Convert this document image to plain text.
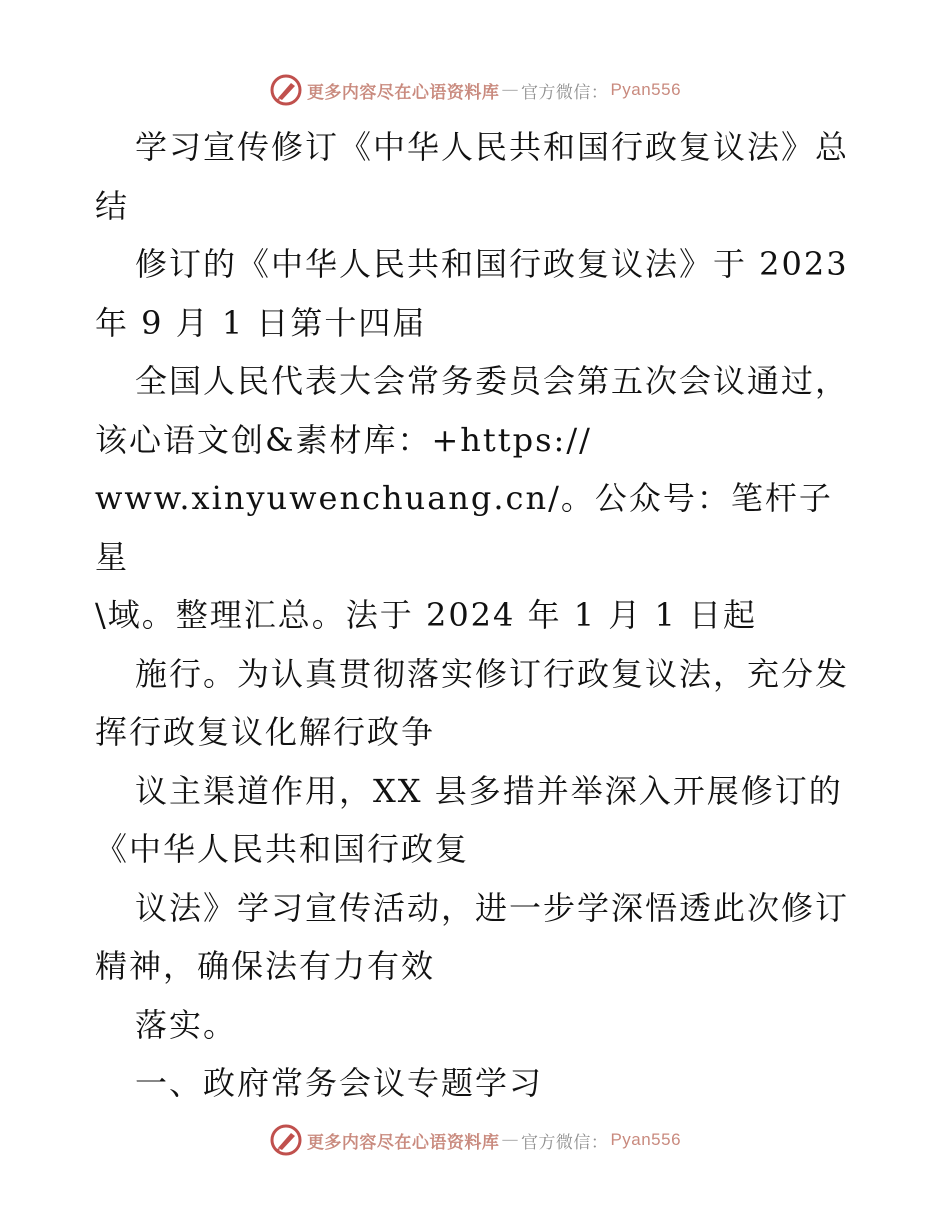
更多内容尽在心语资料库 — 官方微信： Pyan556

学习宣传修订《中华人民共和国行政复议法》总结

修订的《中华人民共和国行政复议法》于 2023 年 9 月 1 日第十四届

全国人民代表大会常务委员会第五次会议通过，该心语文创&素材库：+https://

www.xinyuwenchuang.cn/。公众号：笔杆子星

\域。整理汇总。法于 2024 年 1 月 1 日起

施行。为认真贯彻落实修订行政复议法，充分发挥行政复议化解行政争

议主渠道作用，XX 县多措并举深入开展修订的《中华人民共和国行政复

议法》学习宣传活动，进一步学深悟透此次修订精神，确保法有力有效

落实。

一、政府常务会议专题学习

更多内容尽在心语资料库 — 官方微信： Pyan556
